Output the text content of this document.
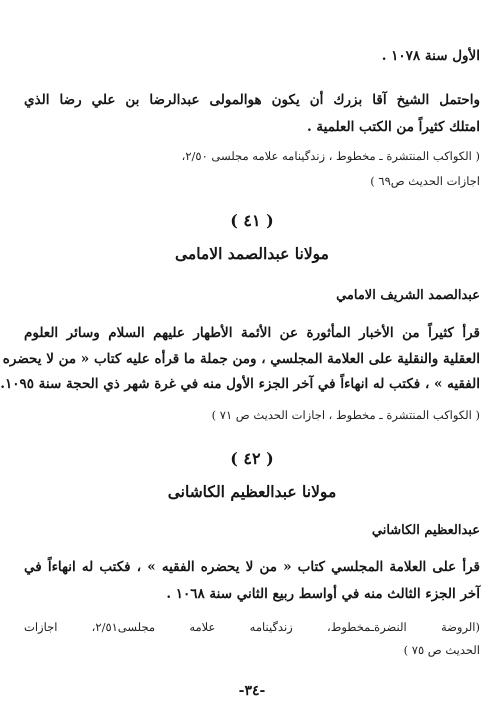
الأول سنة ١٠٧٨ .
واحتمل الشيخ آقا بزرك أن يكون هوالمولى عبدالرضا بن علي رضا الذي
امتلك كثيراً من الكتب العلمية .
( الكواكب المنتشرة ـ مخطوط ، زندگينامه علامه مجلسى ٢/٥٠،
اجازات الحديث ص٦٩ )
( ٤١ )
مولانا عبدالصمد الامامى
عبدالصمد الشريف الامامي
قرأ كثيراً من الأخبار المأثورة عن الأئمة الأطهار عليهم السلام وسائر العلوم
العقلية والنقلية على العلامة المجلسي ، ومن جملة ما قرأه عليه كتاب « من لا يحضره
الفقيه » ، فكتب له انهاءاً في آخر الجزء الأول منه في غرة شهر ذي الحجة سنة ١٠٩٥.
( الكواكب المنتشرة ـ مخطوط ، اجازات الحديث ص ٧١ )
( ٤٢ )
مولانا عبدالعظيم الكاشانى
عبدالعظيم الكاشاني
قرأ على العلامة المجلسي كتاب « من لا يحضره الفقيه » ، فكتب له انهاءاً في
آخر الجزء الثالث منه في أواسط ربيع الثاني سنة ١٠٦٨ .
(الروضة النضرةـمخطوط، زندگينامه علامه مجلسى٢/٥١، اجازات
الحديث ص ٧٥ )
-٣٤-
